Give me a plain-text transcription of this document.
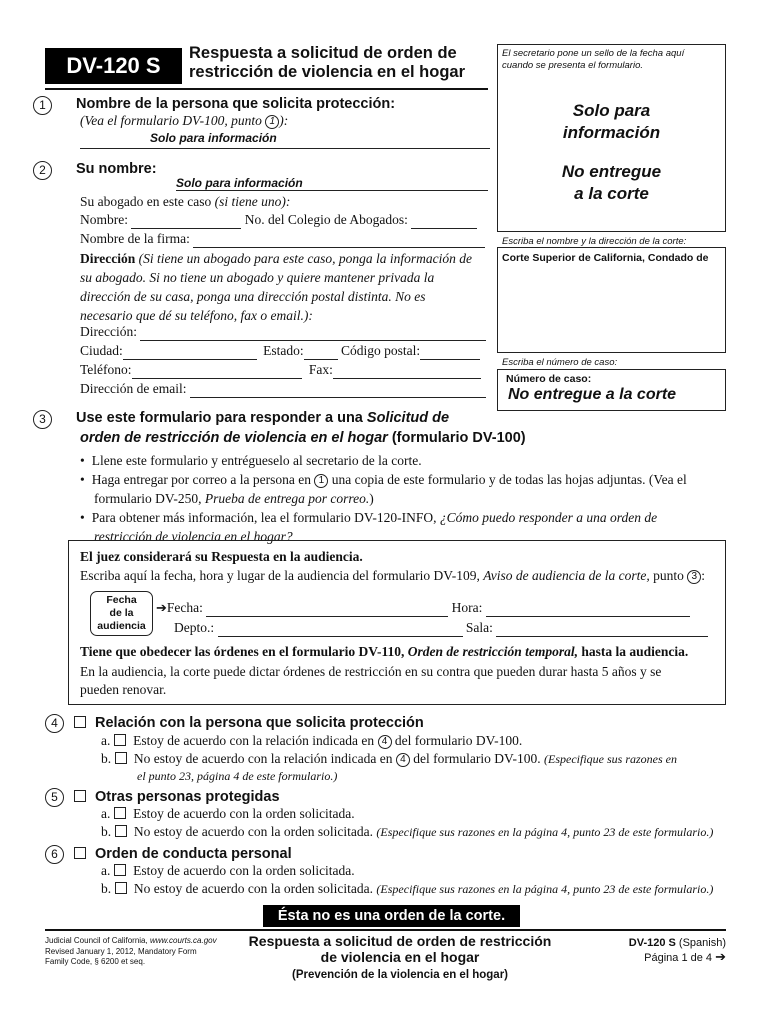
DV-120 S	Respuesta a solicitud de orden de
restricción de violencia en el hogar
El secretario pone un sello de la fecha aquí
cuando se presenta el formulario.
Solo para
información
No entregue
a la corte
Escriba el nombre y la dirección de la corte:
Corte Superior de California, Condado de
Escriba el número de caso:
Número de caso:
No entregue a la corte
1 Nombre de la persona que solicita protección:
(Vea el formulario DV-100, punto 1 ):
Solo para información
2 Su nombre:
Solo para información
Su abogado en este caso (si tiene uno):
Nombre:	No. del Colegio de Abogados:
Nombre de la firma:
Dirección (Si tiene un abogado para este caso, ponga la información de
su abogado. Si no tiene un abogado y quiere mantener privada la
dirección de su casa, ponga una dirección postal distinta. No es
necesario que dé su teléfono, fax o email.):
Dirección:
Ciudad:	Estado:	Código postal:
Teléfono:	Fax:
Dirección de email:
3 Use este formulario para responder a una Solicitud de
orden de restricción de violencia en el hogar (formulario DV-100)
• Llene este formulario y entrégueselo al secretario de la corte.
• Haga entregar por correo a la persona en 1 una copia de este formulario y de todas las hojas adjuntas. (Vea el
formulario DV-250, Prueba de entrega por correo.)
• Para obtener más información, lea el formulario DV-120-INFO, ¿Cómo puedo responder a una orden de
restricción de violencia en el hogar?
El juez considerará su Respuesta en la audiencia.
Escriba aquí la fecha, hora y lugar de la audiencia del formulario DV-109, Aviso de audiencia de la corte, punto 3 :
Fecha
de la
audiencia
➔Fecha:	Hora:
Depto.:	Sala:
Tiene que obedecer las órdenes en el formulario DV-110, Orden de restricción temporal, hasta la audiencia.
En la audiencia, la corte puede dictar órdenes de restricción en su contra que pueden durar hasta 5 años y se
pueden renovar.
4	Relación con la persona que solicita protección
a. Estoy de acuerdo con la relación indicada en 4 del formulario DV-100.
b. No estoy de acuerdo con la relación indicada en 4 del formulario DV-100. (Especifique sus razones en
el punto 23, página 4 de este formulario.)
5	Otras personas protegidas
a. Estoy de acuerdo con la orden solicitada.
b. No estoy de acuerdo con la orden solicitada. (Especifique sus razones en la página 4, punto 23 de este formulario.)
6	Orden de conducta personal
a. Estoy de acuerdo con la orden solicitada.
b. No estoy de acuerdo con la orden solicitada. (Especifique sus razones en la página 4, punto 23 de este formulario.)
Ésta no es una orden de la corte.
Judicial Council of California, www.courts.ca.gov
Revised January 1, 2012, Mandatory Form
Family Code, § 6200 et seq.
Respuesta a solicitud de orden de restricción
de violencia en el hogar
(Prevención de la violencia en el hogar)
DV-120 S (Spanish)
Página 1 de 4 ➔
